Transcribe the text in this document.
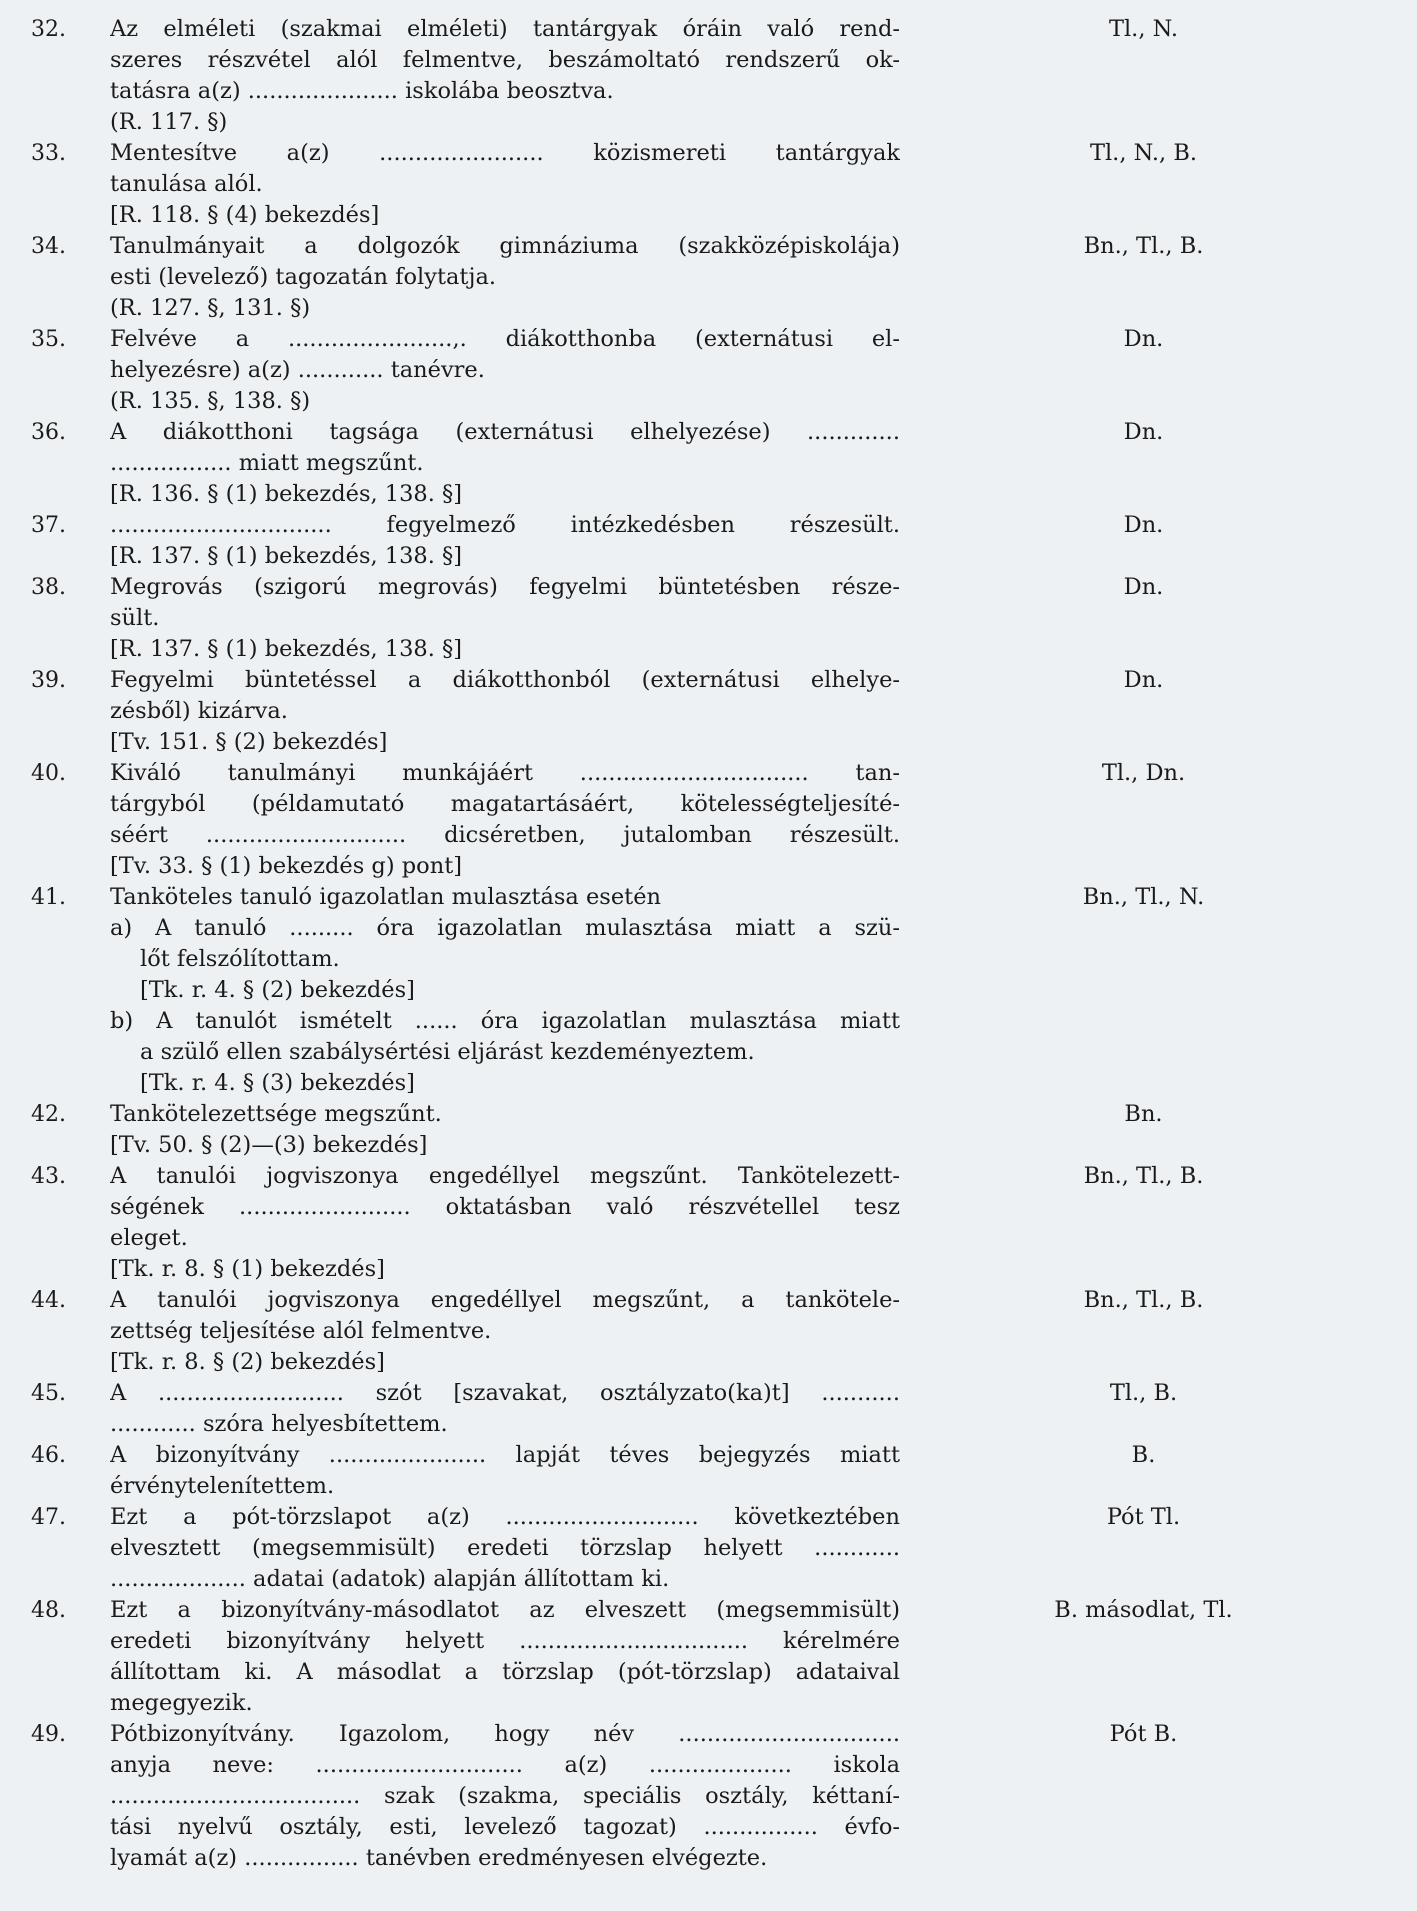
32.	Az elméleti (szakmai elméleti) tantárgyak óráin való rend-
szeres részvétel alól felmentve, beszámoltató rendszerű ok-
tatásra a(z) ..................... iskolába beosztva.
(R. 117. §)
Tl., N.
33.	Mentesítve a(z) ....................... közismereti tantárgyak
tanulása alól.
[R. 118. § (4) bekezdés]
Tl., N., B.
34.	Tanulmányait a dolgozók gimnáziuma (szakközépiskolája)
esti (levelező) tagozatán folytatja.
(R. 127. §, 131. §)
Bn., Tl., B.
35.	Felvéve a .......................,. diákotthonba (externátusi el-
helyezésre) a(z) ............ tanévre.
(R. 135. §, 138. §)
Dn.
36.	A diákotthoni tagsága (externátusi elhelyezése) .............
................. miatt megszűnt.
[R. 136. § (1) bekezdés, 138. §]
Dn.
37.	............................... fegyelmező intézkedésben részesült.
[R. 137. § (1) bekezdés, 138. §]
Dn.
38.	Megrovás (szigorú megrovás) fegyelmi büntetésben része-
sült.
[R. 137. § (1) bekezdés, 138. §]
Dn.
39.	Fegyelmi büntetéssel a diákotthonból (externátusi elhelye-
zésből) kizárva.
[Tv. 151. § (2) bekezdés]
Dn.
40.	Kiváló tanulmányi munkájáért ................................ tan-
tárgyból (példamutató magatartásáért, kötelességteljesíté-
séért ............................ dicséretben, jutalomban részesült.
[Tv. 33. § (1) bekezdés g) pont]
Tl., Dn.
41.	Tanköteles tanuló igazolatlan mulasztása esetén
a) A tanuló ......... óra igazolatlan mulasztása miatt a szü-
lőt felszólítottam.
[Tk. r. 4. § (2) bekezdés]
b) A tanulót ismételt ...... óra igazolatlan mulasztása miatt
a szülő ellen szabálysértési eljárást kezdeményeztem.
[Tk. r. 4. § (3) bekezdés]
Bn., Tl., N.
42.	Tankötelezettsége megszűnt.
[Tv. 50. § (2)—(3) bekezdés]
Bn.
43.	A tanulói jogviszonya engedéllyel megszűnt. Tankötelezett-
ségének ........................ oktatásban való részvétellel tesz
eleget.
[Tk. r. 8. § (1) bekezdés]
Bn., Tl., B.
44.	A tanulói jogviszonya engedéllyel megszűnt, a tankötele-
zettség teljesítése alól felmentve.
[Tk. r. 8. § (2) bekezdés]
Bn., Tl., B.
45.	A .......................... szót [szavakat, osztályzato(ka)t] ...........
............ szóra helyesbítettem.
Tl., B.
46.	A bizonyítvány ...................... lapját téves bejegyzés miatt
érvénytelenítettem.
B.
47.	Ezt a pót-törzslapot a(z) ........................... következtében
elvesztett (megsemmisült) eredeti törzslap helyett ............
................... adatai (adatok) alapján állítottam ki.
Pót Tl.
48.	Ezt a bizonyítvány-másodlatot az elveszett (megsemmisült)
eredeti bizonyítvány helyett ................................ kérelmére
állítottam ki. A másodlat a törzslap (pót-törzslap) adataival
megegyezik.
B. másodlat, Tl.
49.	Pótbizonyítvány. Igazolom, hogy név ...............................
anyja neve: ............................. a(z) .................... iskola
................................... szak (szakma, speciális osztály, kéttaní-
tási nyelvű osztály, esti, levelező tagozat) ................ évfo-
lyamát a(z) ................ tanévben eredményesen elvégezte.
Pót B.
